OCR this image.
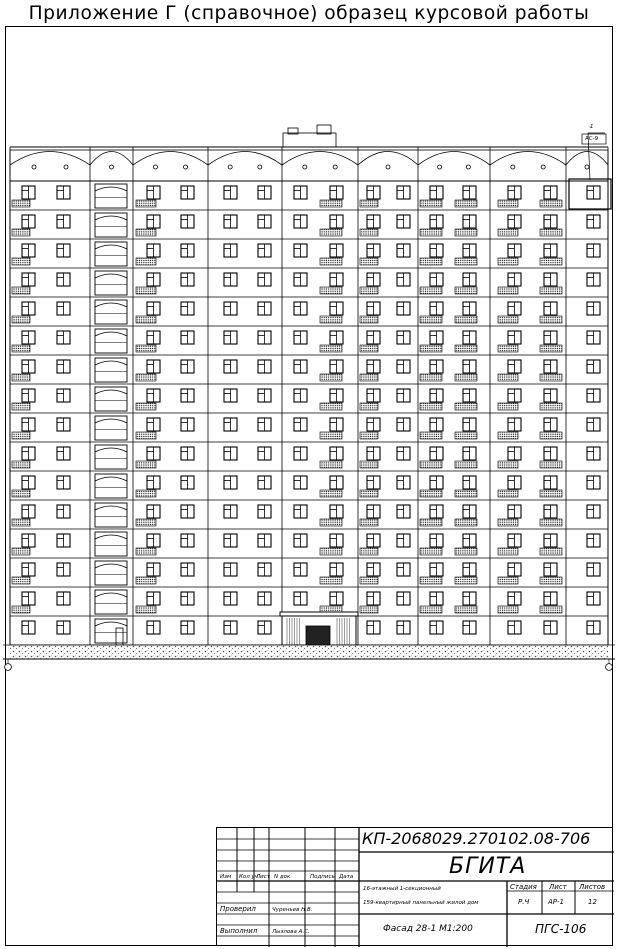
Приложение Г (справочное) образец курсовой работы
1
АС-9
КП-2068029.270102.08-706
БГИТА
Изм Кол уч
Лист N док	Подпись Дата
Проверил	Чуреньев Н.В.
Выполнил	Лызлова А.С.
16-этажный 1-секционный
159-квартирный панельный жилой дом
Стадия Лист Листов
Р.Ч	АР-1	12
Фасад 28-1 М1:200	ПГС-106
